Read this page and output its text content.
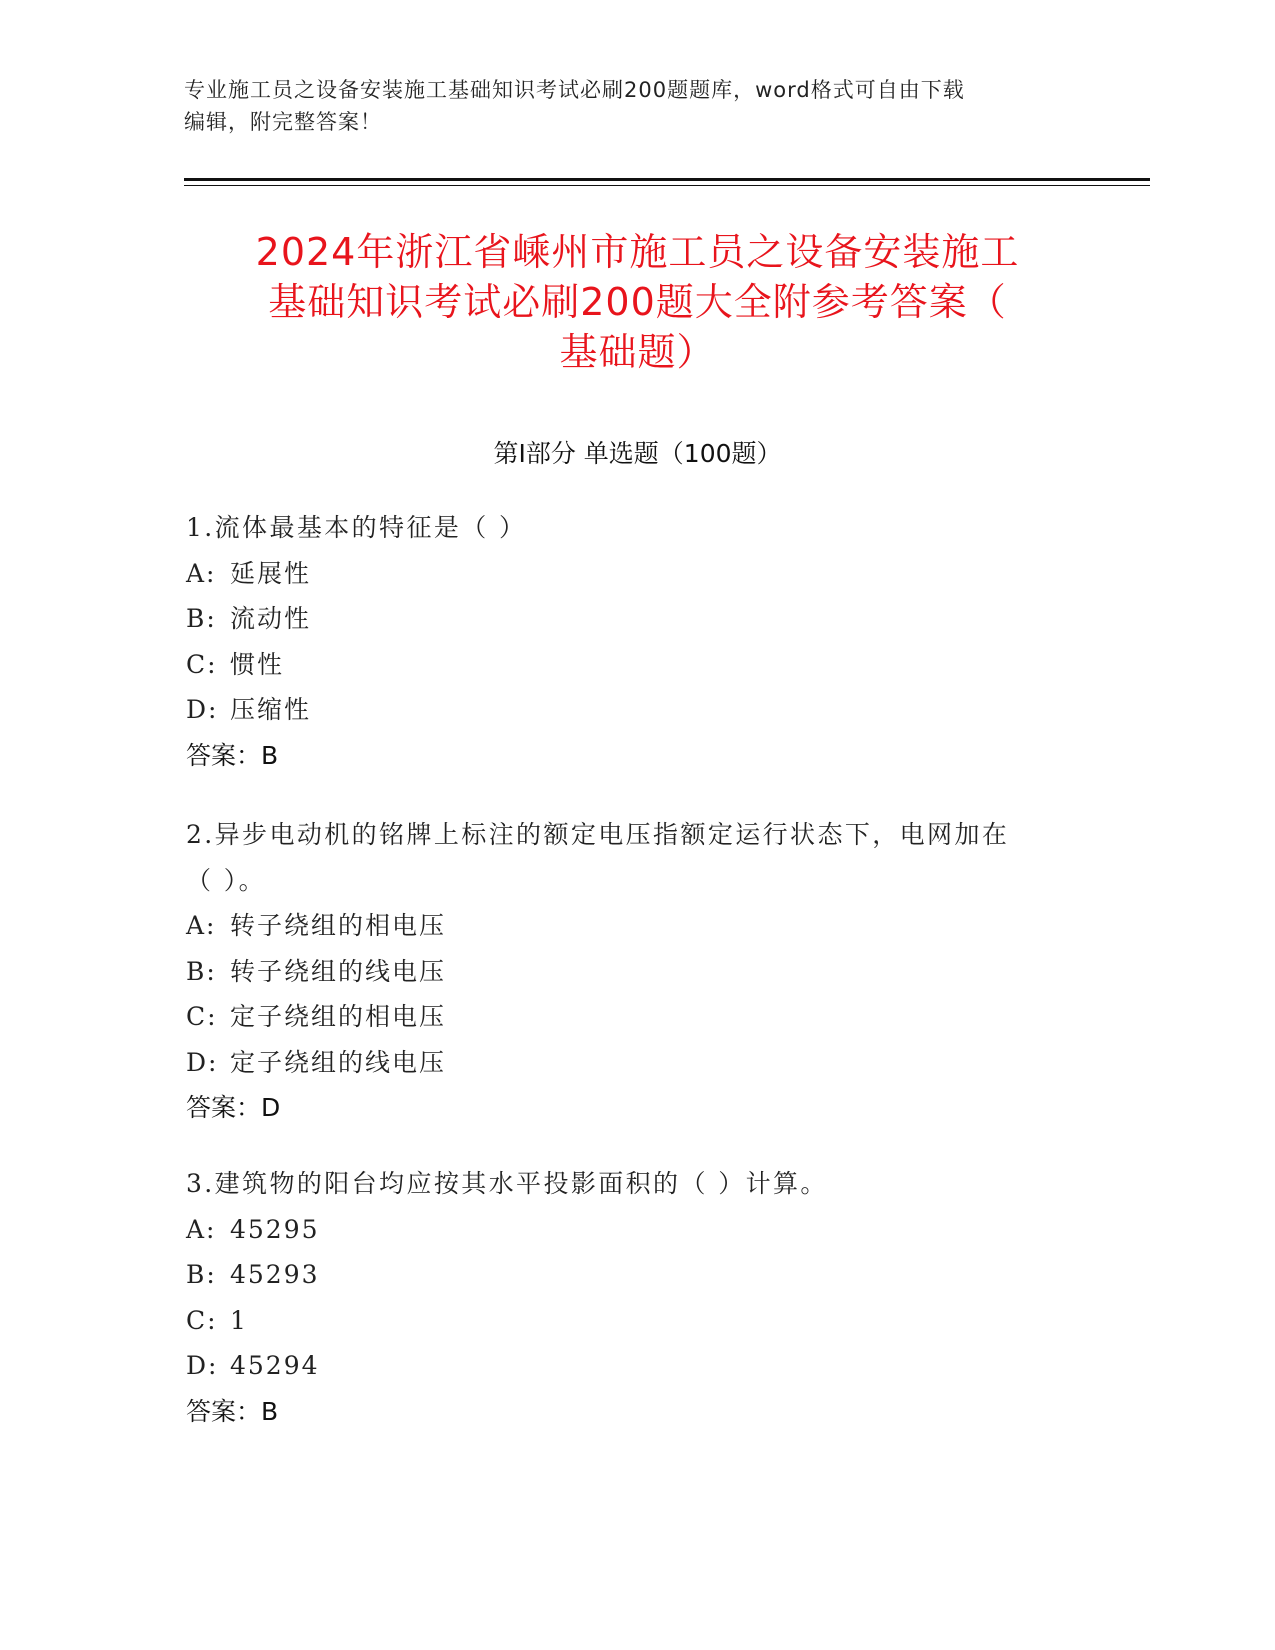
专业施工员之设备安装施工基础知识考试必刷200题题库，word格式可自由下载
编辑，附完整答案！
2024年浙江省嵊州市施工员之设备安装施工
基础知识考试必刷200题大全附参考答案（
基础题）
第Ⅰ部分 单选题（100题）

1.流体最基本的特征是（ ）

A: 延展性

B: 流动性

C: 惯性

D: 压缩性

答案：B

2.异步电动机的铭牌上标注的额定电压指额定运行状态下，电网加在

（ ）。

A: 转子绕组的相电压

B: 转子绕组的线电压

C: 定子绕组的相电压

D: 定子绕组的线电压

答案：D

3.建筑物的阳台均应按其水平投影面积的（ ）计算。

A: 45295

B: 45293

C: 1

D: 45294

答案：B
